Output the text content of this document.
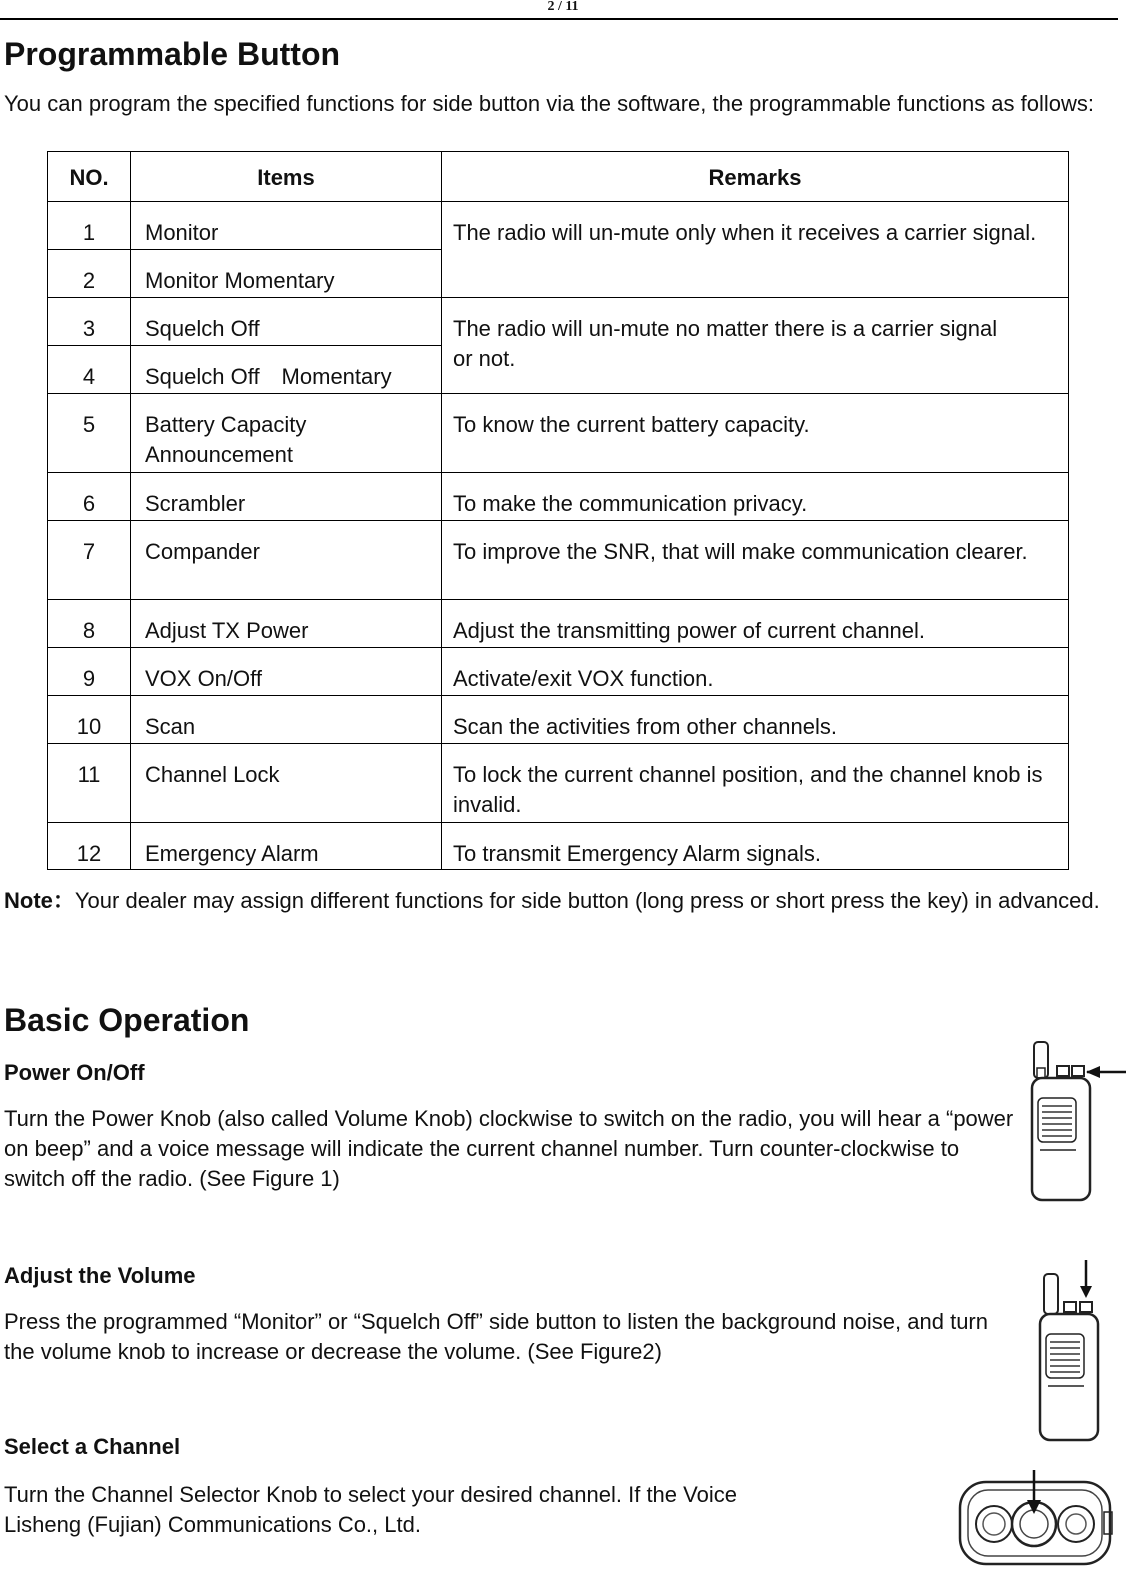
2 / 11
Programmable Button
You can program the specified functions for side button via the software, the programmable functions as follows:
NO.	Items	Remarks

1	Monitor	The radio will un-mute only when it receives a carrier signal.

2	Monitor Momentary	

3	Squelch Off	The radio will un-mute no matter there is a carrier signal or not.

4	Squelch Off　Momentary	

5	Battery Capacity Announcement	To know the current battery capacity.

6	Scrambler	To make the communication privacy.

7	Compander	To improve the SNR, that will make communication clearer.

8	Adjust TX Power	Adjust the transmitting power of current channel.

9	VOX On/Off	Activate/exit VOX function.

10	Scan	Scan the activities from other channels.

11	Channel Lock	To lock the current channel position, and the channel knob is invalid.

12	Emergency Alarm	To transmit Emergency Alarm signals.
Note：Your dealer may assign different functions for side button (long press or short press the key) in advanced.
Basic Operation
Power On/Off
Turn the Power Knob (also called Volume Knob) clockwise to switch on the radio, you will hear a “power on beep” and a voice message will indicate the current channel number. Turn counter-clockwise to switch off the radio. (See Figure 1)
Adjust the Volume
Press the programmed “Monitor” or “Squelch Off” side button to listen the background noise, and turn the volume knob to increase or decrease the volume. (See Figure2)
Select a Channel
Turn the Channel Selector Knob to select your desired channel. If the Voice
Lisheng (Fujian) Communications Co., Ltd.
